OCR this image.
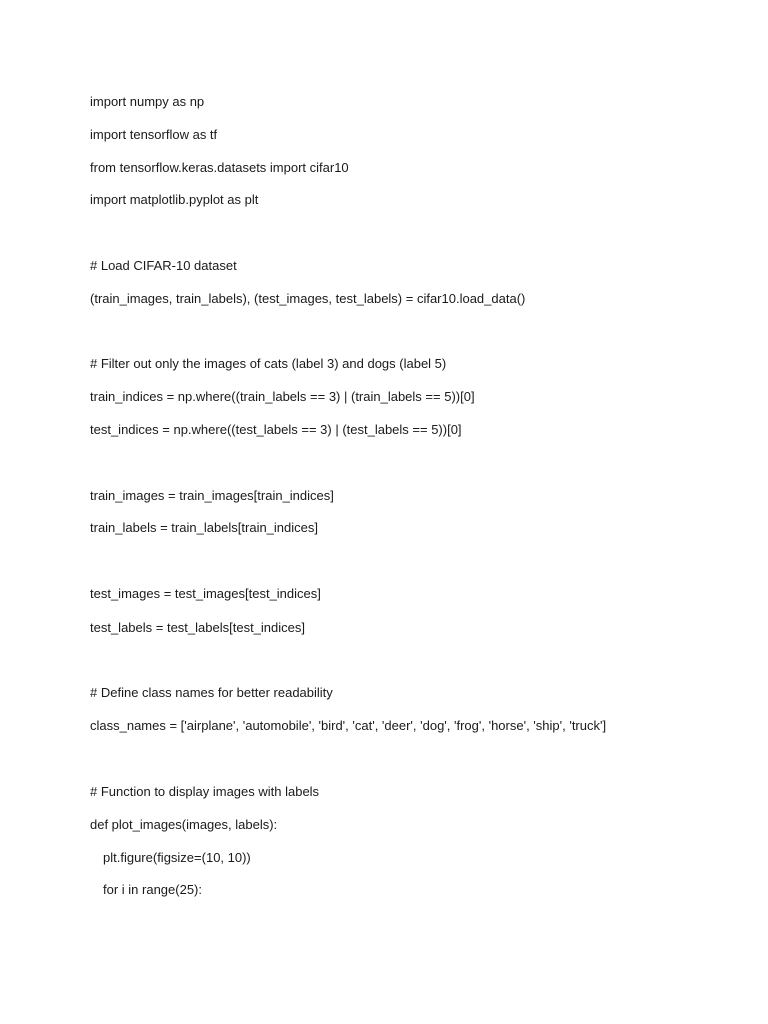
import numpy as np
import tensorflow as tf
from tensorflow.keras.datasets import cifar10
import matplotlib.pyplot as plt
# Load CIFAR-10 dataset
(train_images, train_labels), (test_images, test_labels) = cifar10.load_data()
# Filter out only the images of cats (label 3) and dogs (label 5)
train_indices = np.where((train_labels == 3) | (train_labels == 5))[0]
test_indices = np.where((test_labels == 3) | (test_labels == 5))[0]
train_images = train_images[train_indices]
train_labels = train_labels[train_indices]
test_images = test_images[test_indices]
test_labels = test_labels[test_indices]
# Define class names for better readability
class_names = ['airplane', 'automobile', 'bird', 'cat', 'deer', 'dog', 'frog', 'horse', 'ship', 'truck']
# Function to display images with labels
def plot_images(images, labels):
plt.figure(figsize=(10, 10))
for i in range(25):
